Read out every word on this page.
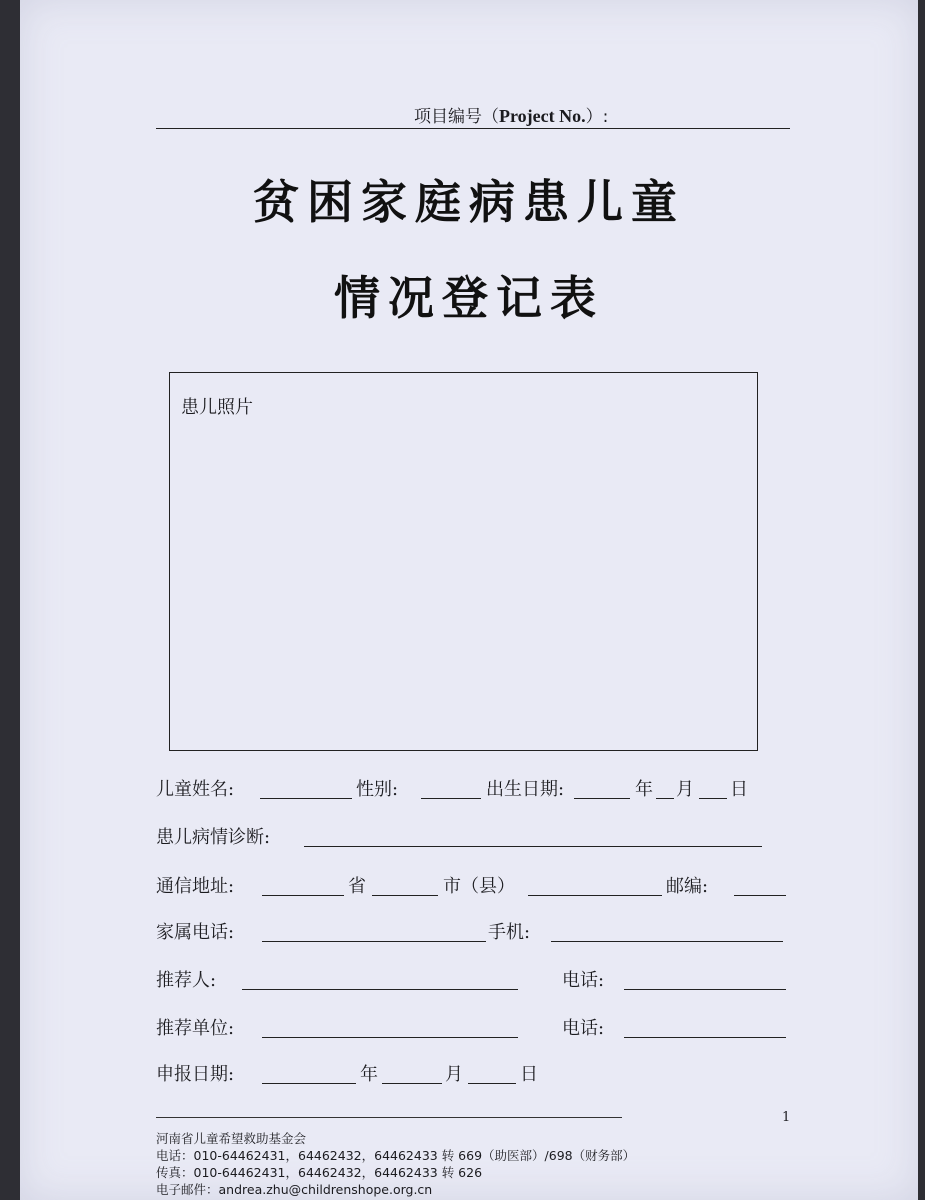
项目编号（Project No.）:
贫困家庭病患儿童
情况登记表
患儿照片
儿童姓名:	性别:	出生日期:	年 月 日
患儿病情诊断:
通信地址:	省	市（县）	邮编:
家属电话:	手机:
推荐人:	电话:
推荐单位:	电话:
申报日期:	年	月	日
1
河南省儿童希望救助基金会
电话：010-64462431，64462432，64462433 转 669（助医部）/698（财务部）
传真：010-64462431，64462432，64462433 转 626
电子邮件：andrea.zhu@childrenshope.org.cn
